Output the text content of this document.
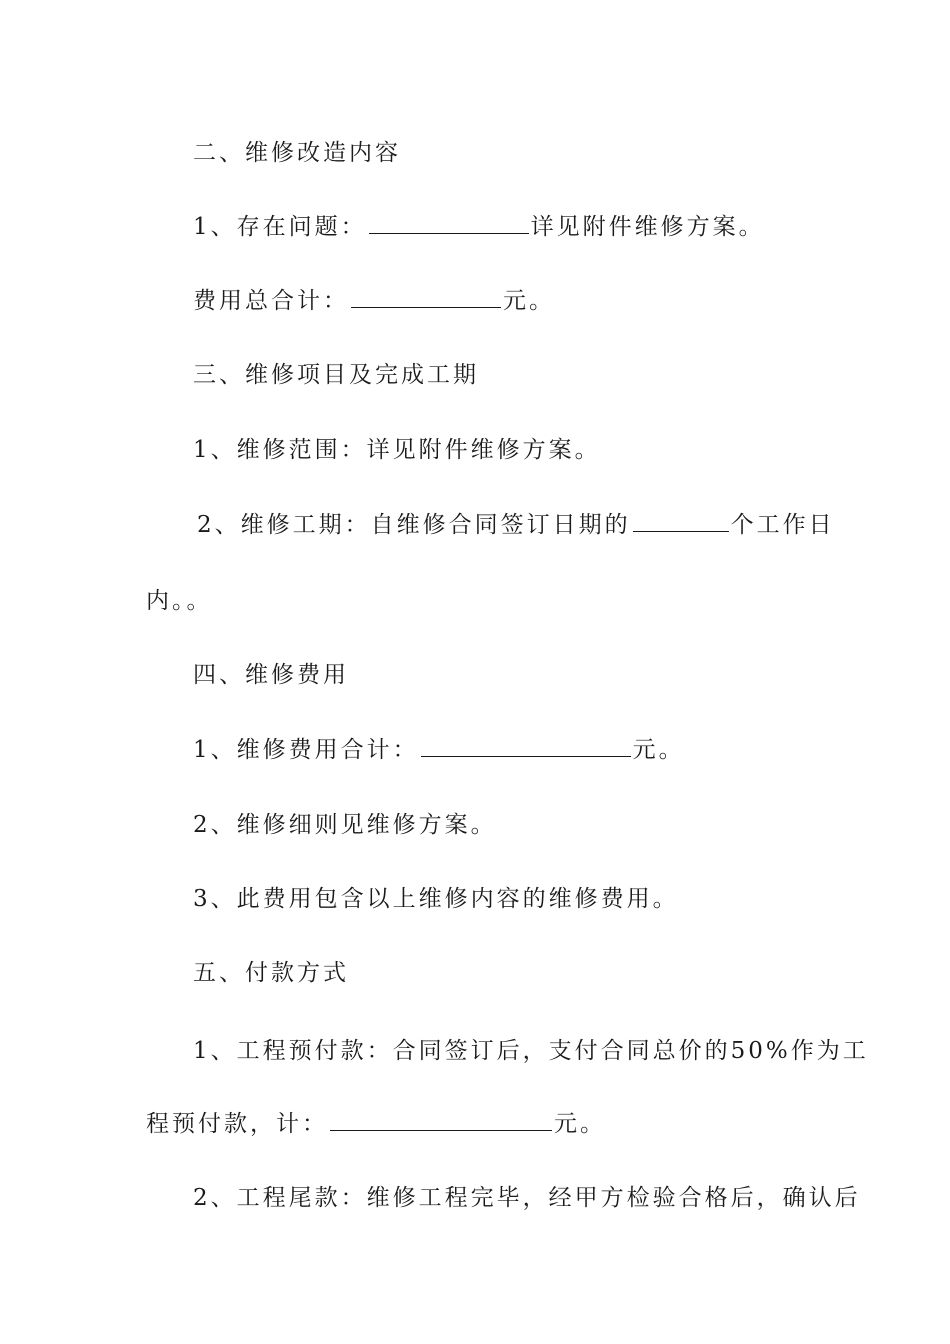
二、维修改造内容
1、存在问题：	详见附件维修方案。
费用总合计：	元。
三、维修项目及完成工期
1、维修范围：详见附件维修方案。
2、维修工期：自维修合同签订日期的	个工作日
内。。
四、维修费用
1、维修费用合计：	元。
2、维修细则见维修方案。
3、此费用包含以上维修内容的维修费用。
五、付款方式
1、工程预付款：合同签订后，支付合同总价的50%作为工
程预付款，计：	元。
2、工程尾款：维修工程完毕，经甲方检验合格后，确认后
